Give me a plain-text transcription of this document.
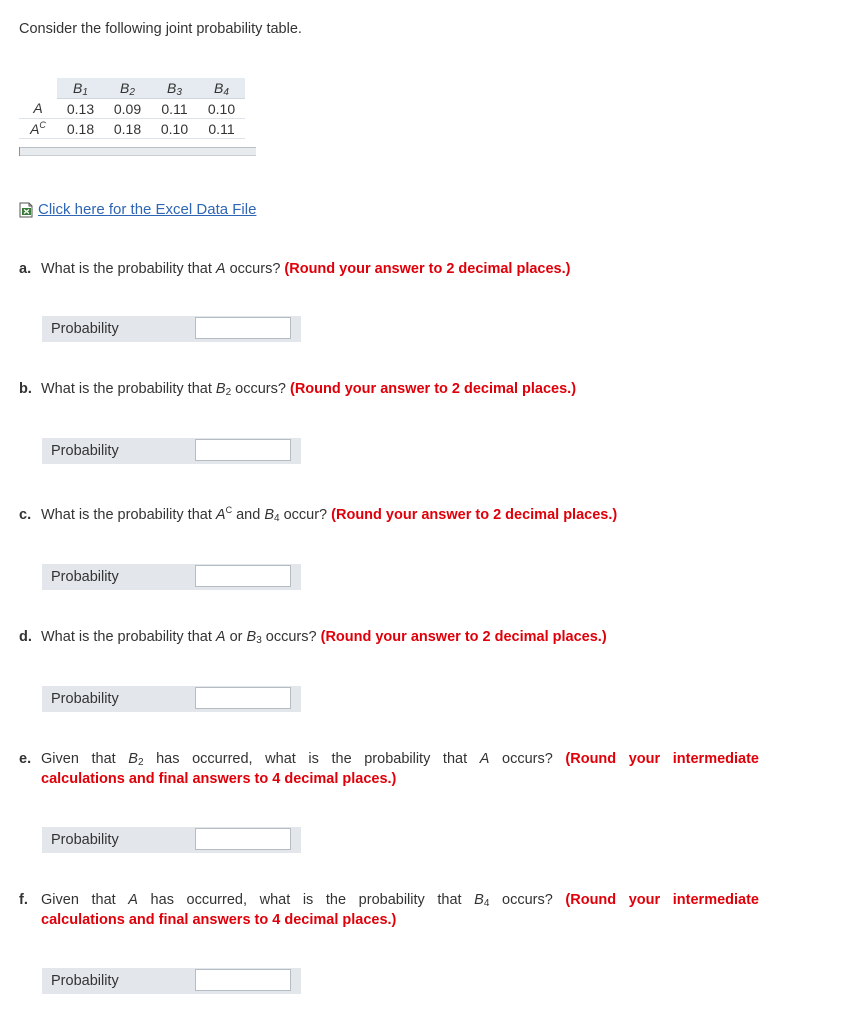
Consider the following joint probability table.
	$B_1$	$B_2$	$B_3$	$B_4$
A	0.13	0.09	0.11	0.10
$A^C$	0.18	0.18	0.10	0.11
Click here for the Excel Data File
a. What is the probability that A occurs? (Round your answer to 2 decimal places.)
Probability
b. What is the probability that $B_2$ occurs? (Round your answer to 2 decimal places.)
Probability
c. What is the probability that $A^C$ and $B_4$ occur? (Round your answer to 2 decimal places.)
Probability
d. What is the probability that A or $B_3$ occurs? (Round your answer to 2 decimal places.)
Probability
e. Given that $B_2$ has occurred, what is the probability that A occurs? (Round your intermediate
calculations and final answers to 4 decimal places.)
Probability
f. Given that A has occurred, what is the probability that $B_4$ occurs? (Round your intermediate
calculations and final answers to 4 decimal places.)
Probability
